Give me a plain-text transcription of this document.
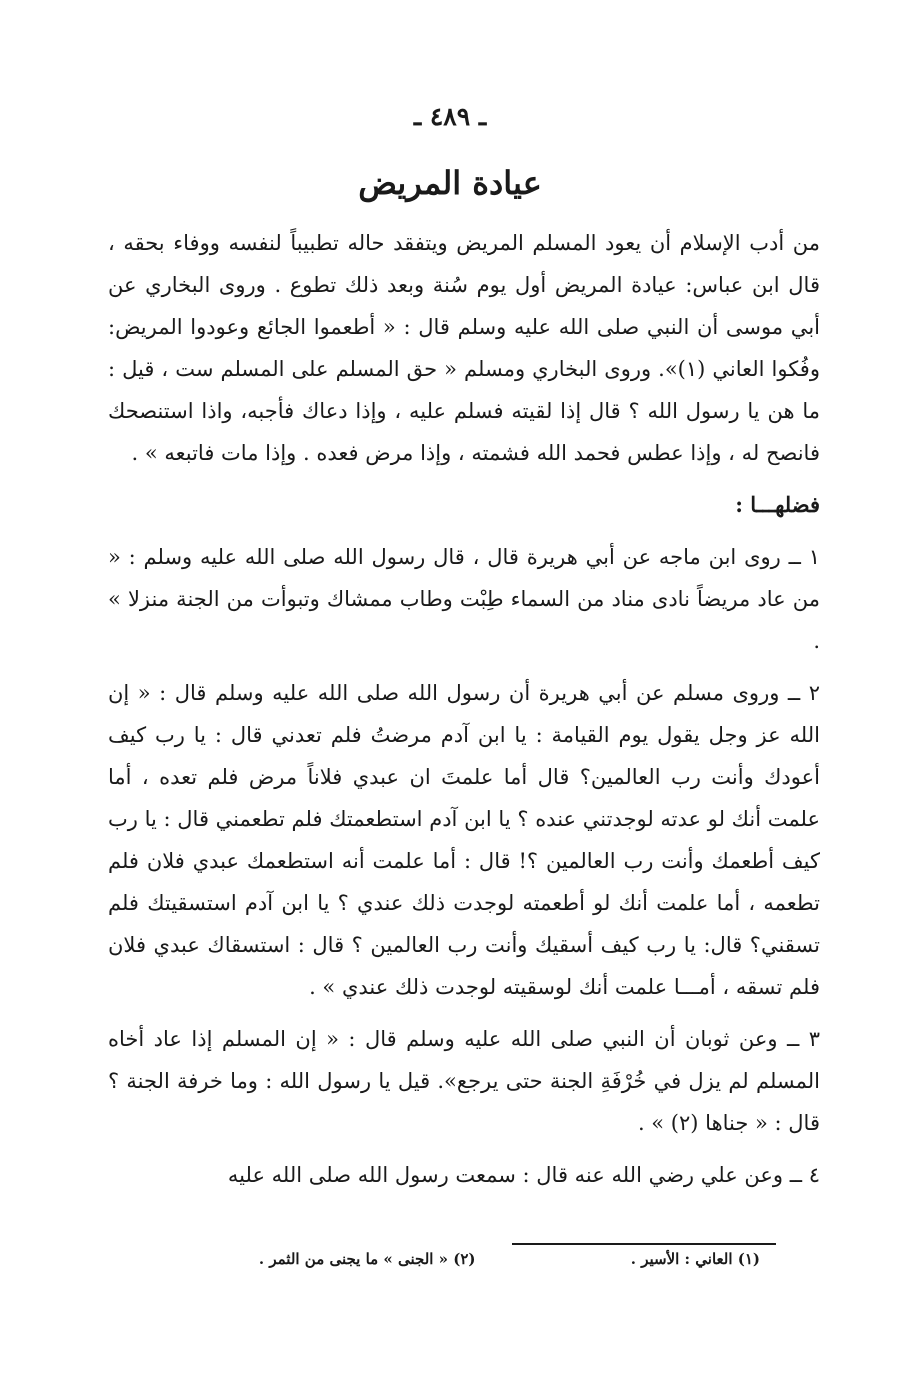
ـ ٤٨٩ ـ
عيادة المريض

من أدب الإسلام أن يعود المسلم المريض ويتفقد حاله تطبيباً لنفسه ووفاء بحقه ، قال ابن عباس: عيادة المريض أول يوم سُنة وبعد ذلك تطوع . وروى البخاري عن أبي موسى أن النبي صلى الله عليه وسلم قال : « أطعموا الجائع وعودوا المريض: وفُكوا العاني (١)». وروى البخاري ومسلم « حق المسلم على المسلم ست ، قيل : ما هن يا رسول الله ؟ قال إذا لقيته فسلم عليه ، وإذا دعاك فأجبه، واذا استنصحك فانصح له ، وإذا عطس فحمد الله فشمته ، وإذا مرض فعده . وإذا مات فاتبعه » .

فضلهـــا :

١ ــ روى ابن ماجه عن أبي هريرة قال ، قال رسول الله صلى الله عليه وسلم : « من عاد مريضاً نادى مناد من السماء طِبْت وطاب ممشاك وتبوأت من الجنة منزلا » .

٢ ــ وروى مسلم عن أبي هريرة أن رسول الله صلى الله عليه وسلم قال : « إن الله عز وجل يقول يوم القيامة : يا ابن آدم مرضتُ فلم تعدني قال : يا رب كيف أعودك وأنت رب العالمين؟ قال أما علمتَ ان عبدي فلاناً مرض فلم تعده ، أما علمت أنك لو عدته لوجدتني عنده ؟ يا ابن آدم استطعمتك فلم تطعمني قال : يا رب كيف أطعمك وأنت رب العالمين ؟! قال : أما علمت أنه استطعمك عبدي فلان فلم تطعمه ، أما علمت أنك لو أطعمته لوجدت ذلك عندي ؟ يا ابن آدم استسقيتك فلم تسقني؟ قال: يا رب كيف أسقيك وأنت رب العالمين ؟ قال : استسقاك عبدي فلان فلم تسقه ، أمـــا علمت أنك لوسقيته لوجدت ذلك عندي » .

٣ ــ وعن ثوبان أن النبي صلى الله عليه وسلم قال : « إن المسلم إذا عاد أخاه المسلم لم يزل في خُرْفَةِ الجنة حتى يرجع». قيل يا رسول الله : وما خرفة الجنة ؟ قال : « جناها (٢) » .

٤ ــ وعن علي رضي الله عنه قال : سمعت رسول الله صلى الله عليه

(١) العاني : الأسير . (٢) « الجنى » ما يجنى من الثمر .
